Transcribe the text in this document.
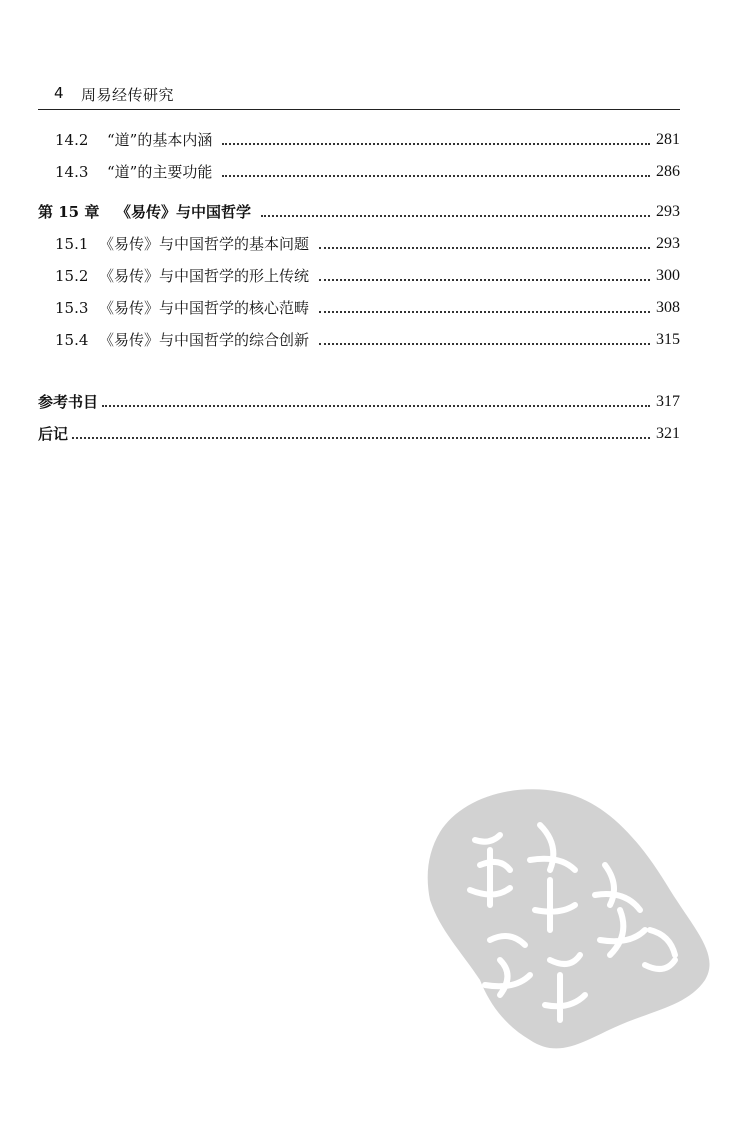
4 周易经传研究
14.2	“道”的基本内涵	281
14.3	“道”的主要功能	286
第 15 章	《易传》与中国哲学	293
15.1 《易传》与中国哲学的基本问题	293
15.2 《易传》与中国哲学的形上传统	300
15.3 《易传》与中国哲学的核心范畴	308
15.4 《易传》与中国哲学的综合创新	315
参考书目	317
后记	321
